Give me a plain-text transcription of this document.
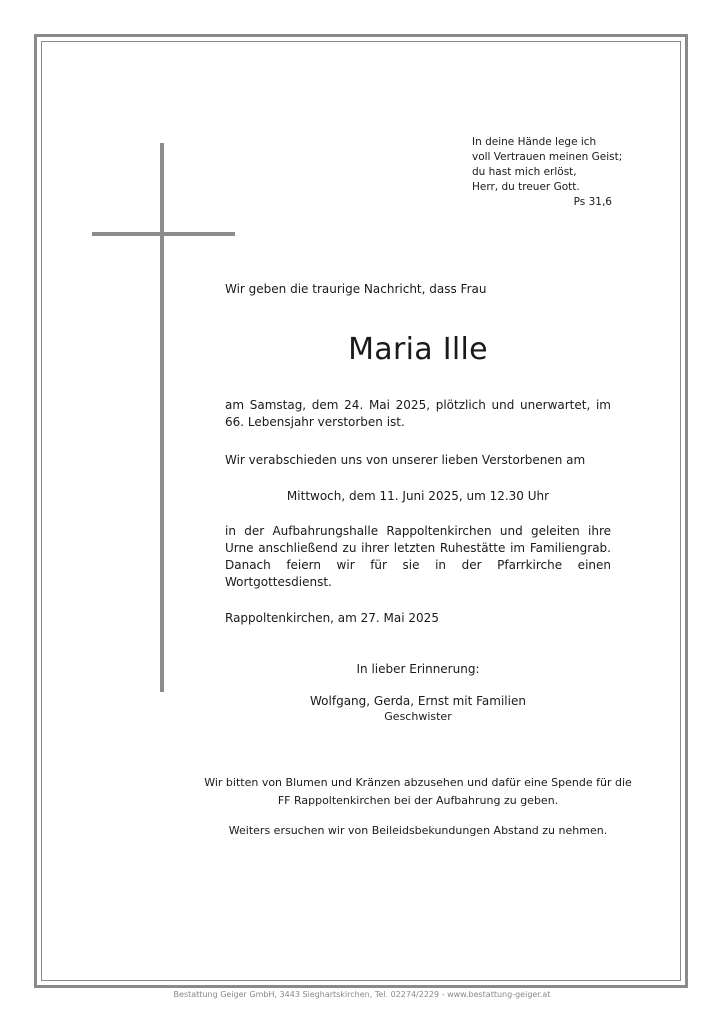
In deine Hände lege ich
voll Vertrauen meinen Geist;
du hast mich erlöst,
Herr, du treuer Gott.
Ps 31,6

Wir geben die traurige Nachricht, dass Frau

Maria Ille

am Samstag, dem 24. Mai 2025, plötzlich und unerwartet, im 66. Lebensjahr verstorben ist.

Wir verabschieden uns von unserer lieben Verstorbenen am

Mittwoch, dem 11. Juni 2025, um 12.30 Uhr

in der Aufbahrungshalle Rappoltenkirchen und geleiten ihre Urne anschließend zu ihrer letzten Ruhestätte im Familiengrab. Danach feiern wir für sie in der Pfarrkirche einen Wortgottesdienst.

Rappoltenkirchen, am 27. Mai 2025

In lieber Erinnerung:
Wolfgang, Gerda, Ernst mit Familien
Geschwister
Wir bitten von Blumen und Kränzen abzusehen und dafür eine Spende für die FF Rappoltenkirchen bei der Aufbahrung zu geben.
Weiters ersuchen wir von Beileidsbekundungen Abstand zu nehmen.
Bestattung Geiger GmbH, 3443 Sieghartskirchen, Tel. 02274/2229 - www.bestattung-geiger.at
